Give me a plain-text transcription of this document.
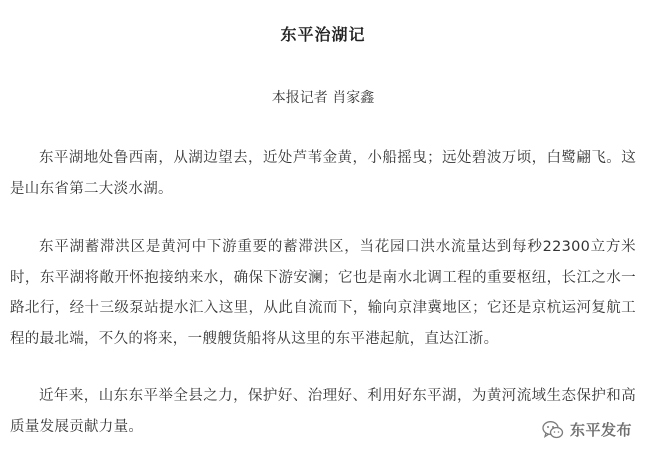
东平治湖记
本报记者 肖家鑫

东平湖地处鲁西南，从湖边望去，近处芦苇金黄，小船摇曳；远处碧波万顷，白鹭翩飞。这是山东省第二大淡水湖。

东平湖蓄滞洪区是黄河中下游重要的蓄滞洪区，当花园口洪水流量达到每秒22300立方米时，东平湖将敞开怀抱接纳来水，确保下游安澜；它也是南水北调工程的重要枢纽，长江之水一路北行，经十三级泵站提水汇入这里，从此自流而下，输向京津冀地区；它还是京杭运河复航工程的最北端，不久的将来，一艘艘货船将从这里的东平港起航，直达江浙。

近年来，山东东平举全县之力，保护好、治理好、利用好东平湖，为黄河流域生态保护和高质量发展贡献力量。	东平发布
